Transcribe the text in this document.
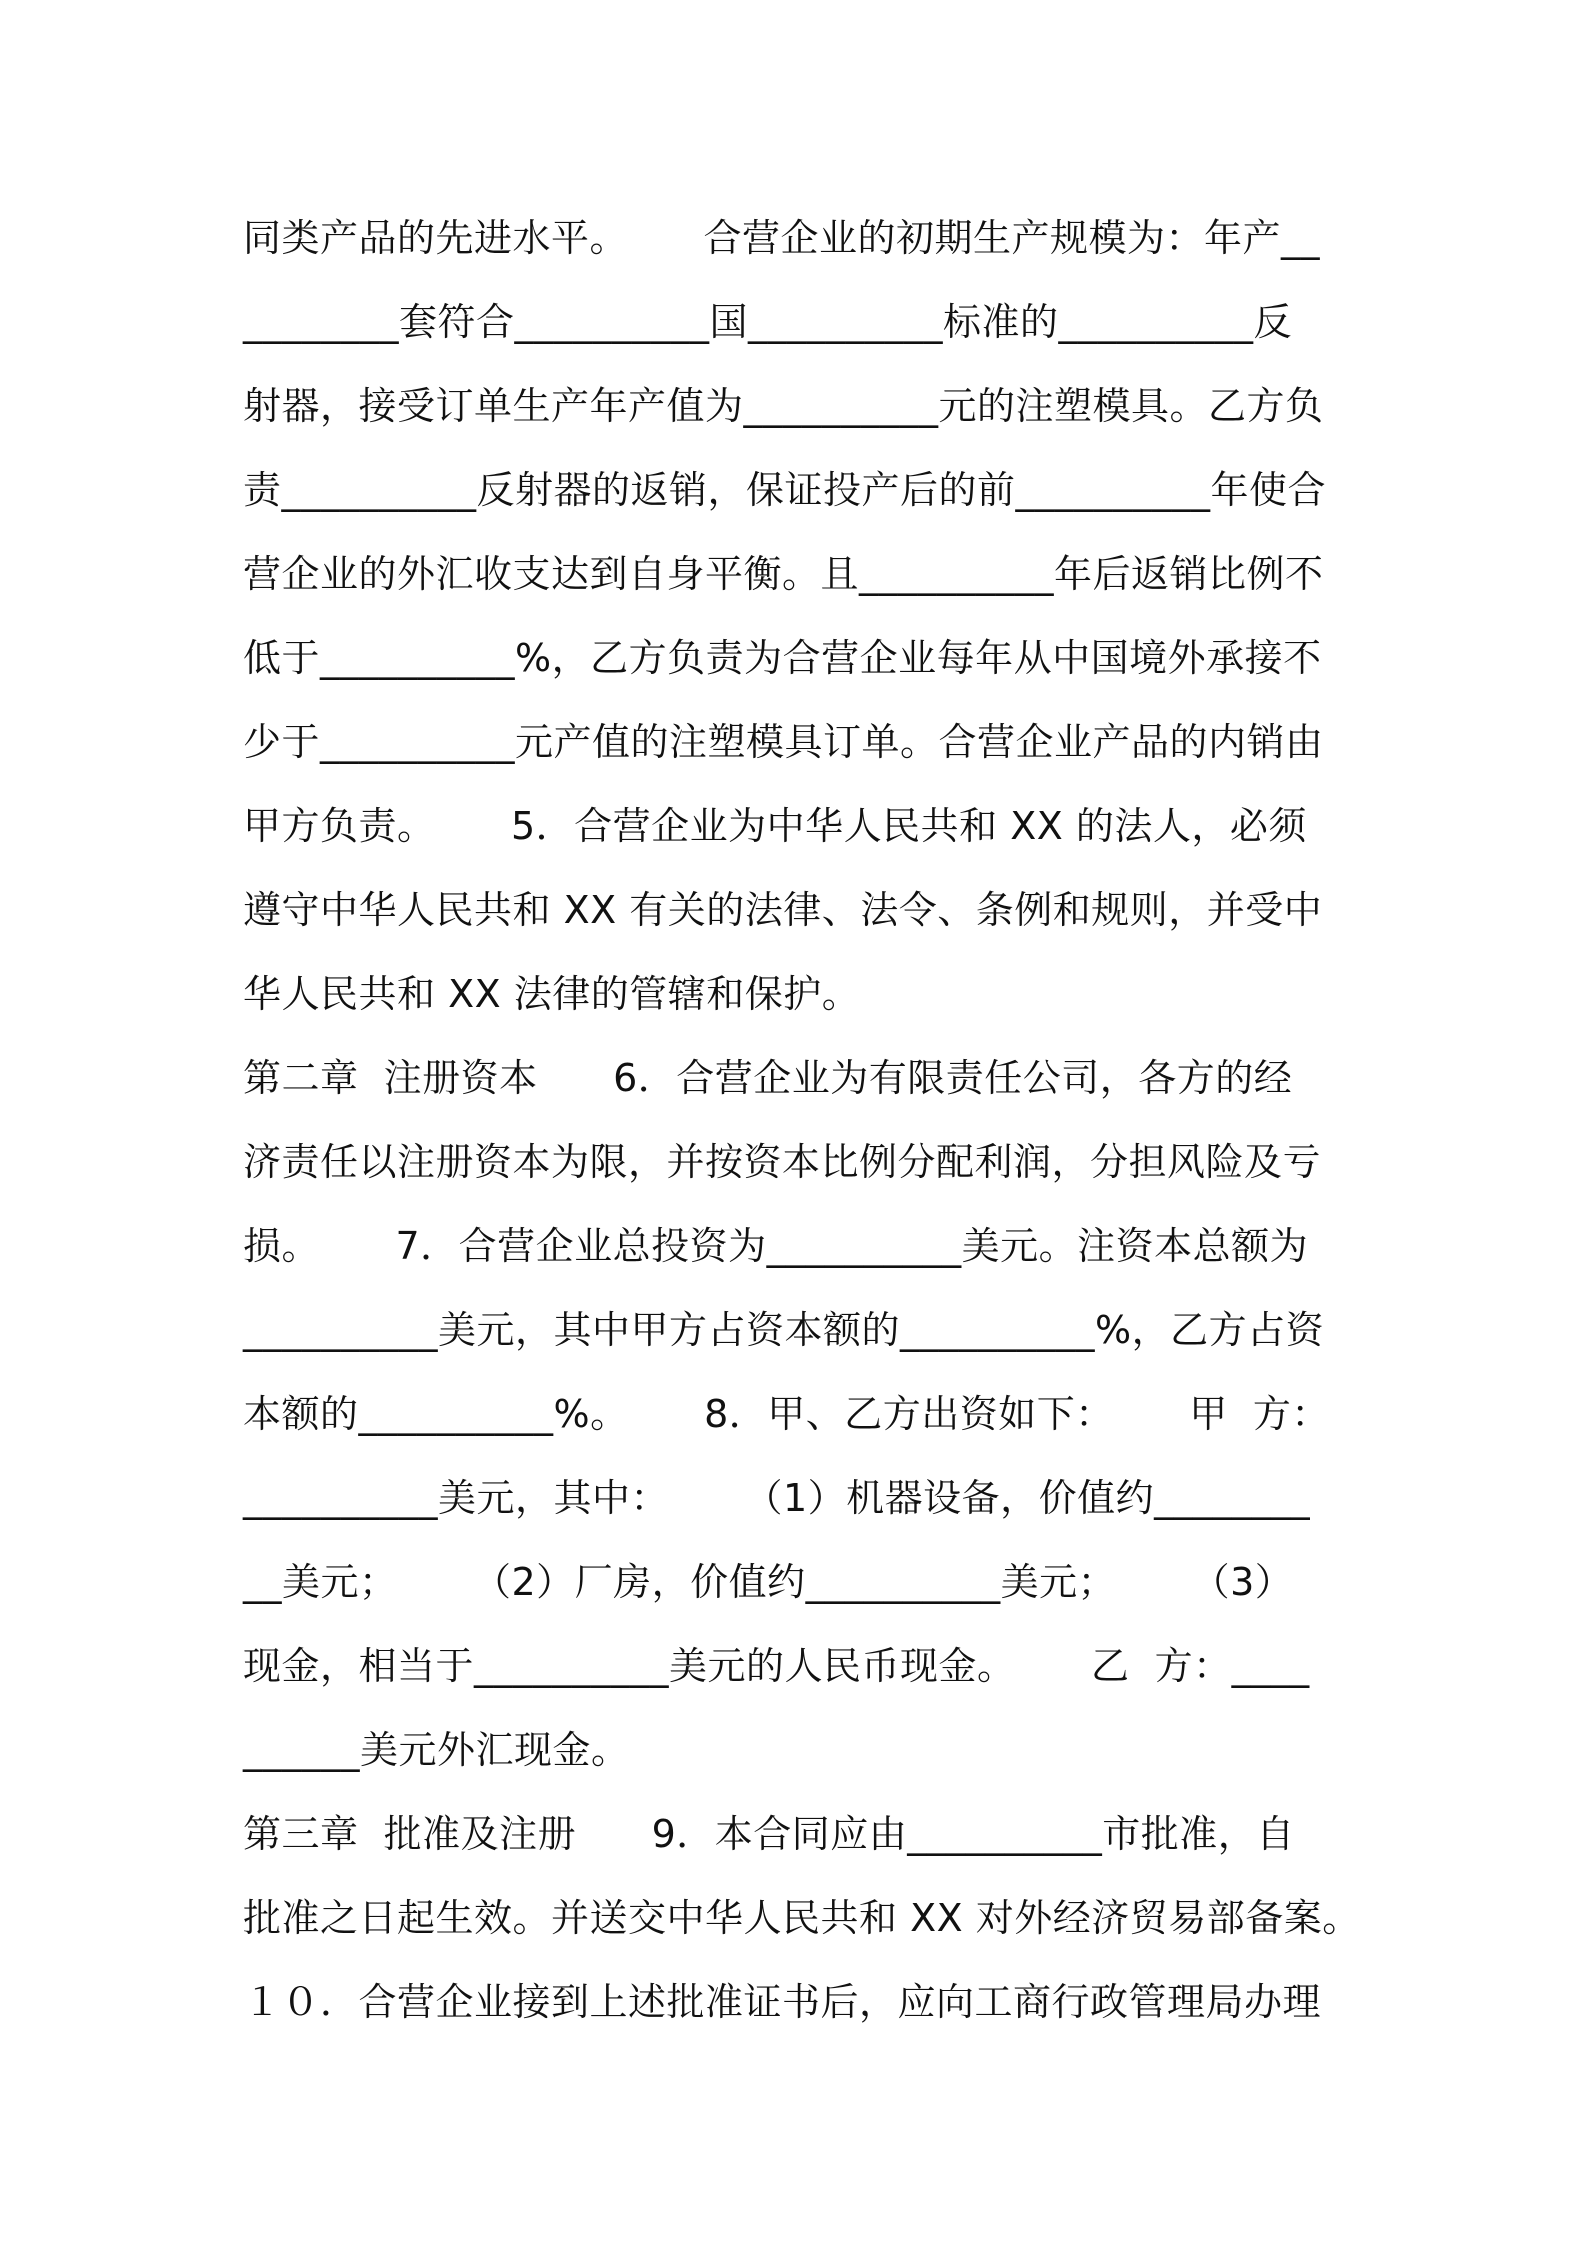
同类产品的先进水平。      合营企业的初期生产规模为：年产__
________套符合__________国__________标准的__________反
射器，接受订单生产年产值为__________元的注塑模具。乙方负
责__________反射器的返销，保证投产后的前__________年使合
营企业的外汇收支达到自身平衡。且__________年后返销比例不
低于__________%，乙方负责为合营企业每年从中国境外承接不
少于__________元产值的注塑模具订单。合营企业产品的内销由
甲方负责。      5．合营企业为中华人民共和 XX 的法人，必须
遵守中华人民共和 XX 有关的法律、法令、条例和规则，并受中
华人民共和 XX 法律的管辖和保护。
第二章  注册资本      6．合营企业为有限责任公司，各方的经
济责任以注册资本为限，并按资本比例分配利润，分担风险及亏
损。      7．合营企业总投资为__________美元。注资本总额为
__________美元，其中甲方占资本额的__________%，乙方占资
本额的__________%。      8．甲、乙方出资如下：      甲  方：
__________美元，其中：      （1）机器设备，价值约________
__美元；      （2）厂房，价值约__________美元；      （3）
现金，相当于__________美元的人民币现金。      乙  方：____
______美元外汇现金。
第三章  批准及注册      9．本合同应由__________市批准，自
批准之日起生效。并送交中华人民共和 XX 对外经济贸易部备案。
１０．合营企业接到上述批准证书后，应向工商行政管理局办理
